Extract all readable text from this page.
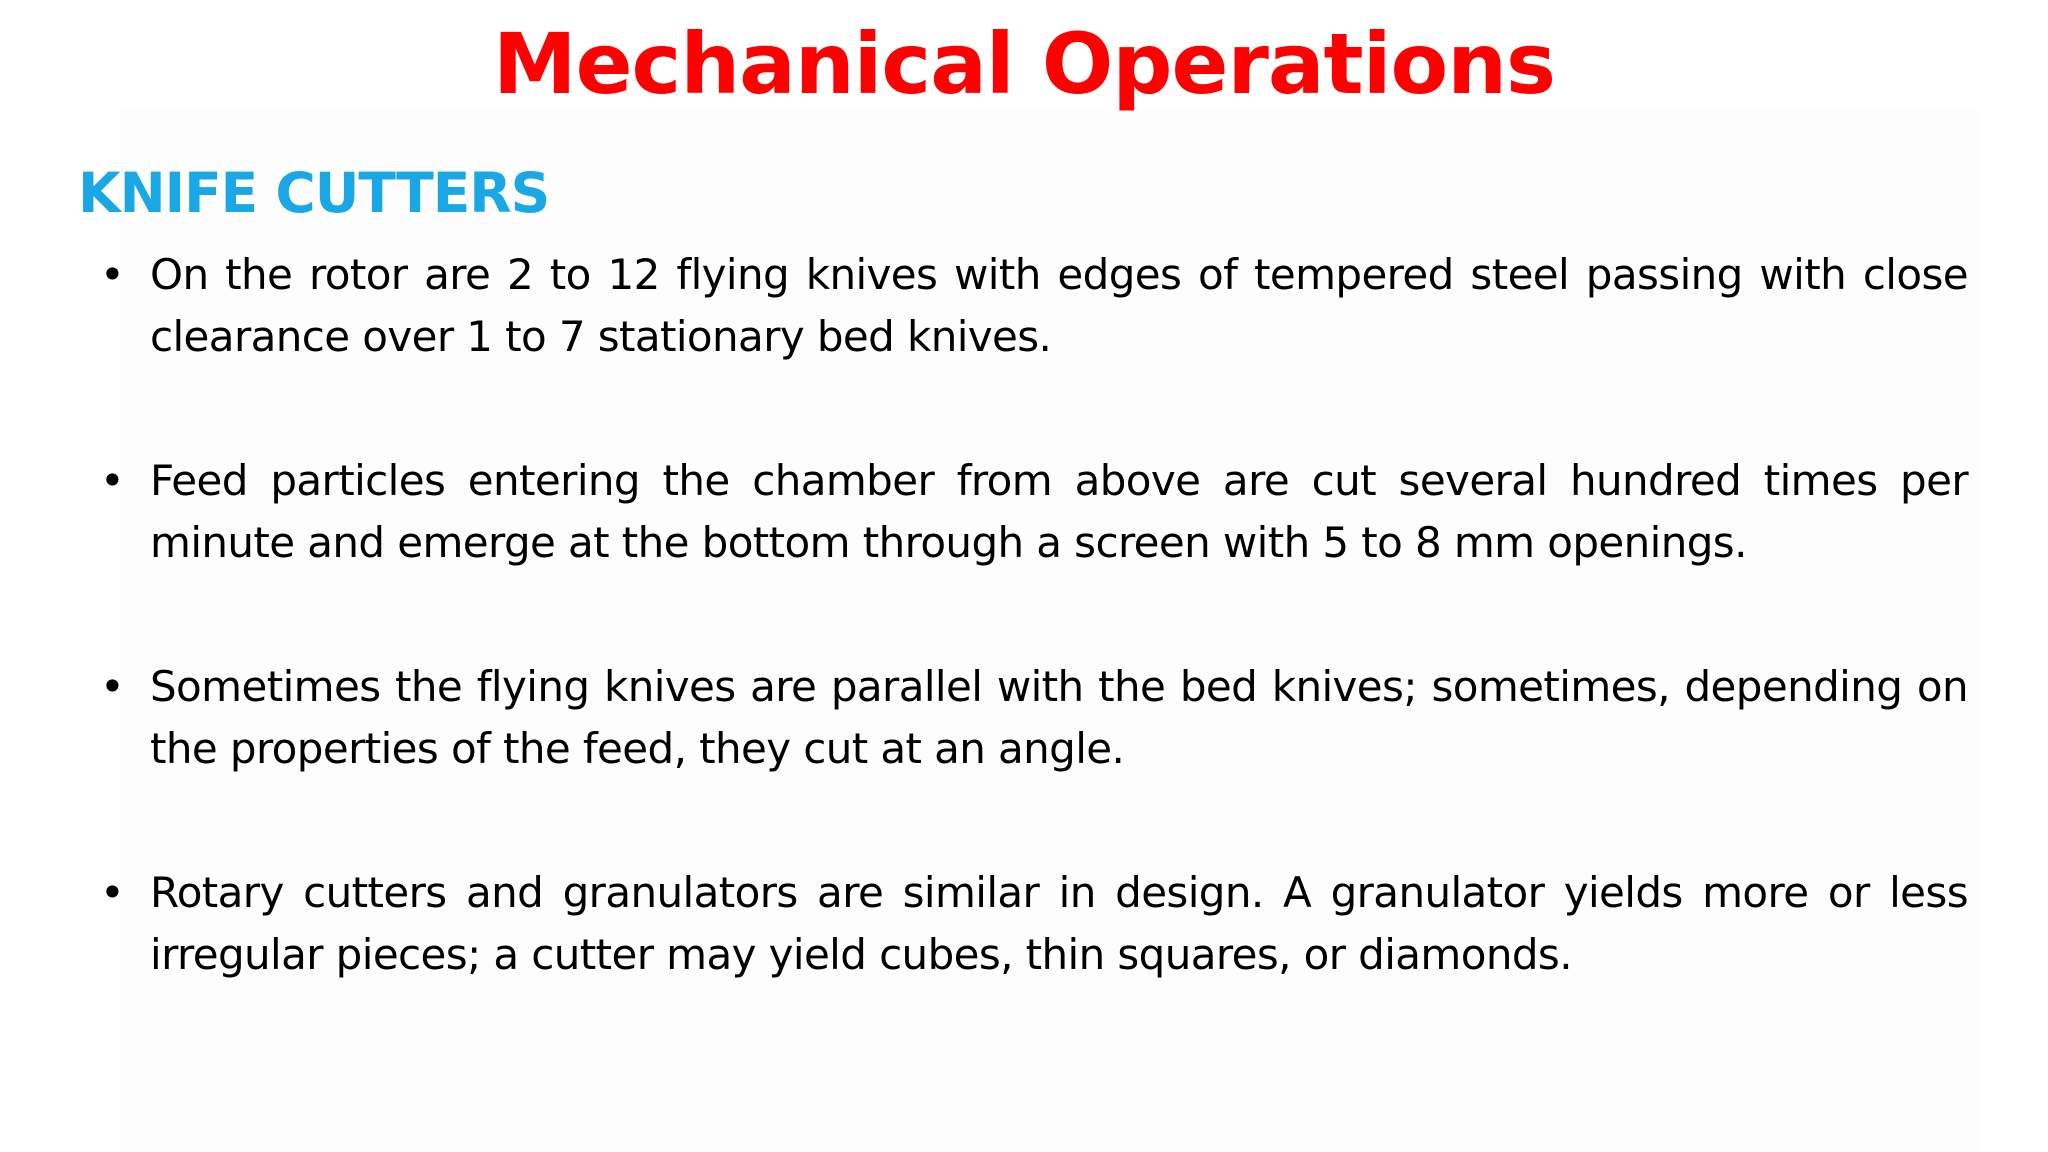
Mechanical Operations
KNIFE CUTTERS
• On the rotor are 2 to 12 flying knives with edges of tempered steel passing with close clearance over 1 to 7 stationary bed knives.
• Feed particles entering the chamber from above are cut several hundred times per minute and emerge at the bottom through a screen with 5 to 8 mm openings.
• Sometimes the flying knives are parallel with the bed knives; sometimes, depending on the properties of the feed, they cut at an angle.
• Rotary cutters and granulators are similar in design. A granulator yields more or less irregular pieces; a cutter may yield cubes, thin squares, or diamonds.
